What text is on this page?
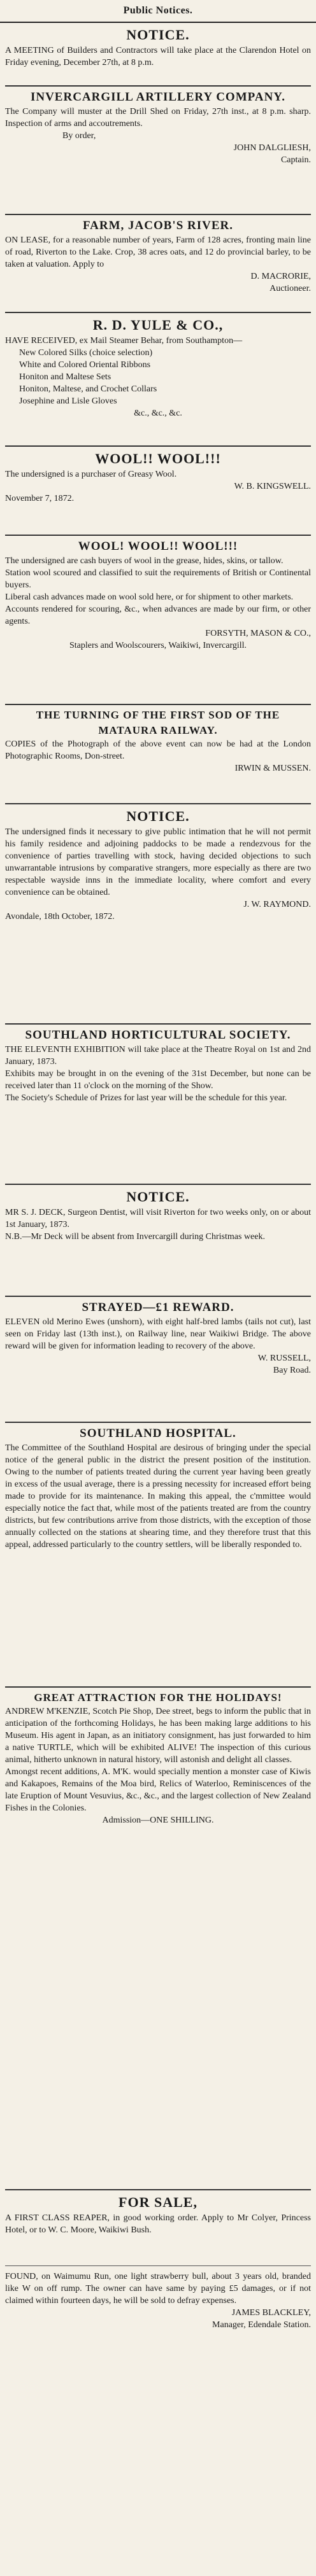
Public Notices.

NOTICE.

A MEETING of Builders and Contractors will take place at the Clarendon Hotel on Friday evening, December 27th, at 8 p.m.

INVERCARGILL ARTILLERY COMPANY.

The Company will muster at the Drill Shed on Friday, 27th inst., at 8 p.m. sharp. Inspection of arms and accoutrements.

By order,

JOHN DALGLIESH,

Captain.

FARM, JACOB'S RIVER.

ON LEASE, for a reasonable number of years, Farm of 128 acres, fronting main line of road, Riverton to the Lake. Crop, 38 acres oats, and 12 do provincial barley, to be taken at valuation. Apply to

D. MACRORIE,

Auctioneer.

R. D. YULE & CO.,

HAVE RECEIVED, ex Mail Steamer Behar, from Southampton—

New Colored Silks (choice selection)

White and Colored Oriental Ribbons

Honiton and Maltese Sets

Honiton, Maltese, and Crochet Collars

Josephine and Lisle Gloves

&c., &c., &c.

WOOL!! WOOL!!!

The undersigned is a purchaser of Greasy Wool.

W. B. KINGSWELL.

November 7, 1872.

WOOL! WOOL!! WOOL!!!

The undersigned are cash buyers of wool in the grease, hides, skins, or tallow.

Station wool scoured and classified to suit the requirements of British or Continental buyers.

Liberal cash advances made on wool sold here, or for shipment to other markets.

Accounts rendered for scouring, &c., when advances are made by our firm, or other agents.

FORSYTH, MASON & CO.,

Staplers and Woolscourers, Waikiwi, Invercargill.

THE TURNING OF THE FIRST SOD OF THE MATAURA RAILWAY.

COPIES of the Photograph of the above event can now be had at the London Photographic Rooms, Don-street.

IRWIN & MUSSEN.

NOTICE.

The undersigned finds it necessary to give public intimation that he will not permit his family residence and adjoining paddocks to be made a rendezvous for the convenience of parties travelling with stock, having decided objections to such unwarrantable intrusions by comparative strangers, more especially as there are two respectable wayside inns in the immediate locality, where comfort and every convenience can be obtained.

J. W. RAYMOND.

Avondale, 18th October, 1872.

SOUTHLAND HORTICULTURAL SOCIETY.

THE ELEVENTH EXHIBITION will take place at the Theatre Royal on 1st and 2nd January, 1873.

Exhibits may be brought in on the evening of the 31st December, but none can be received later than 11 o'clock on the morning of the Show.

The Society's Schedule of Prizes for last year will be the schedule for this year.

NOTICE.

MR S. J. DECK, Surgeon Dentist, will visit Riverton for two weeks only, on or about 1st January, 1873.

N.B.—Mr Deck will be absent from Invercargill during Christmas week.

STRAYED—£1 REWARD.

ELEVEN old Merino Ewes (unshorn), with eight half-bred lambs (tails not cut), last seen on Friday last (13th inst.), on Railway line, near Waikiwi Bridge. The above reward will be given for information leading to recovery of the above.

W. RUSSELL,

Bay Road.

SOUTHLAND HOSPITAL.

The Committee of the Southland Hospital are desirous of bringing under the special notice of the general public in the district the present position of the institution. Owing to the number of patients treated during the current year having been greatly in excess of the usual average, there is a pressing necessity for increased effort being made to provide for its maintenance. In making this appeal, the c'mmittee would especially notice the fact that, while most of the patients treated are from the country districts, but few contributions arrive from those districts, with the exception of those annually collected on the stations at shearing time, and they therefore trust that this appeal, addressed particularly to the country settlers, will be liberally responded to.

GREAT ATTRACTION FOR THE HOLIDAYS!

ANDREW M'KENZIE, Scotch Pie Shop, Dee street, begs to inform the public that in anticipation of the forthcoming Holidays, he has been making large additions to his Museum. His agent in Japan, as an initiatory consignment, has just forwarded to him a native TURTLE, which will be exhibited ALIVE! The inspection of this curious animal, hitherto unknown in natural history, will astonish and delight all classes.

Amongst recent additions, A. M'K. would specially mention a monster case of Kiwis and Kakapoes, Remains of the Moa bird, Relics of Waterloo, Reminiscences of the late Eruption of Mount Vesuvius, &c., &c., and the largest collection of New Zealand Fishes in the Colonies.

Admission—ONE SHILLING.

FOR SALE,

A FIRST CLASS REAPER, in good working order. Apply to Mr Colyer, Princess Hotel, or to W. C. Moore, Waikiwi Bush.

FOUND, on Waimumu Run, one light strawberry bull, about 3 years old, branded like W on off rump. The owner can have same by paying £5 damages, or if not claimed within fourteen days, he will be sold to defray expenses.

JAMES BLACKLEY,

Manager, Edendale Station.
